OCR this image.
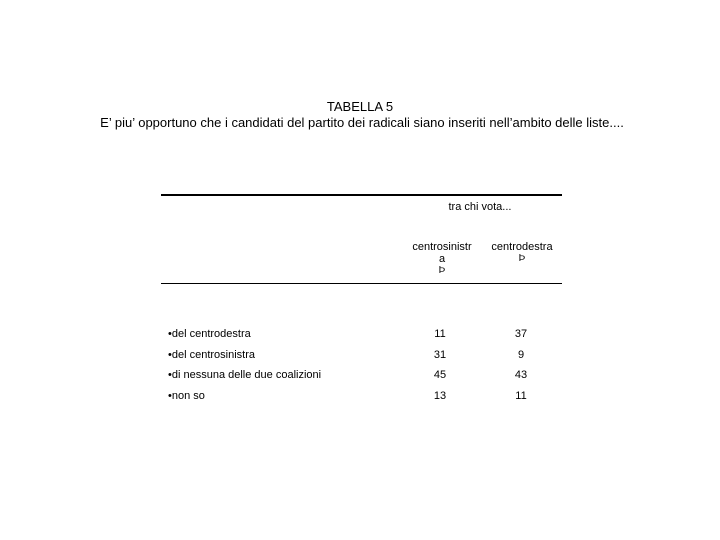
TABELLA 5
E’ piu’ opportuno che i candidati del partito dei radicali siano inseriti nell’ambito delle liste....
tra chi vota...
centrosinistr
a
Þ
centrodestra
Þ
•del centrodestra	11	37
•del centrosinistra	31	9
•di nessuna delle due coalizioni	45	43
•non so	13	11
